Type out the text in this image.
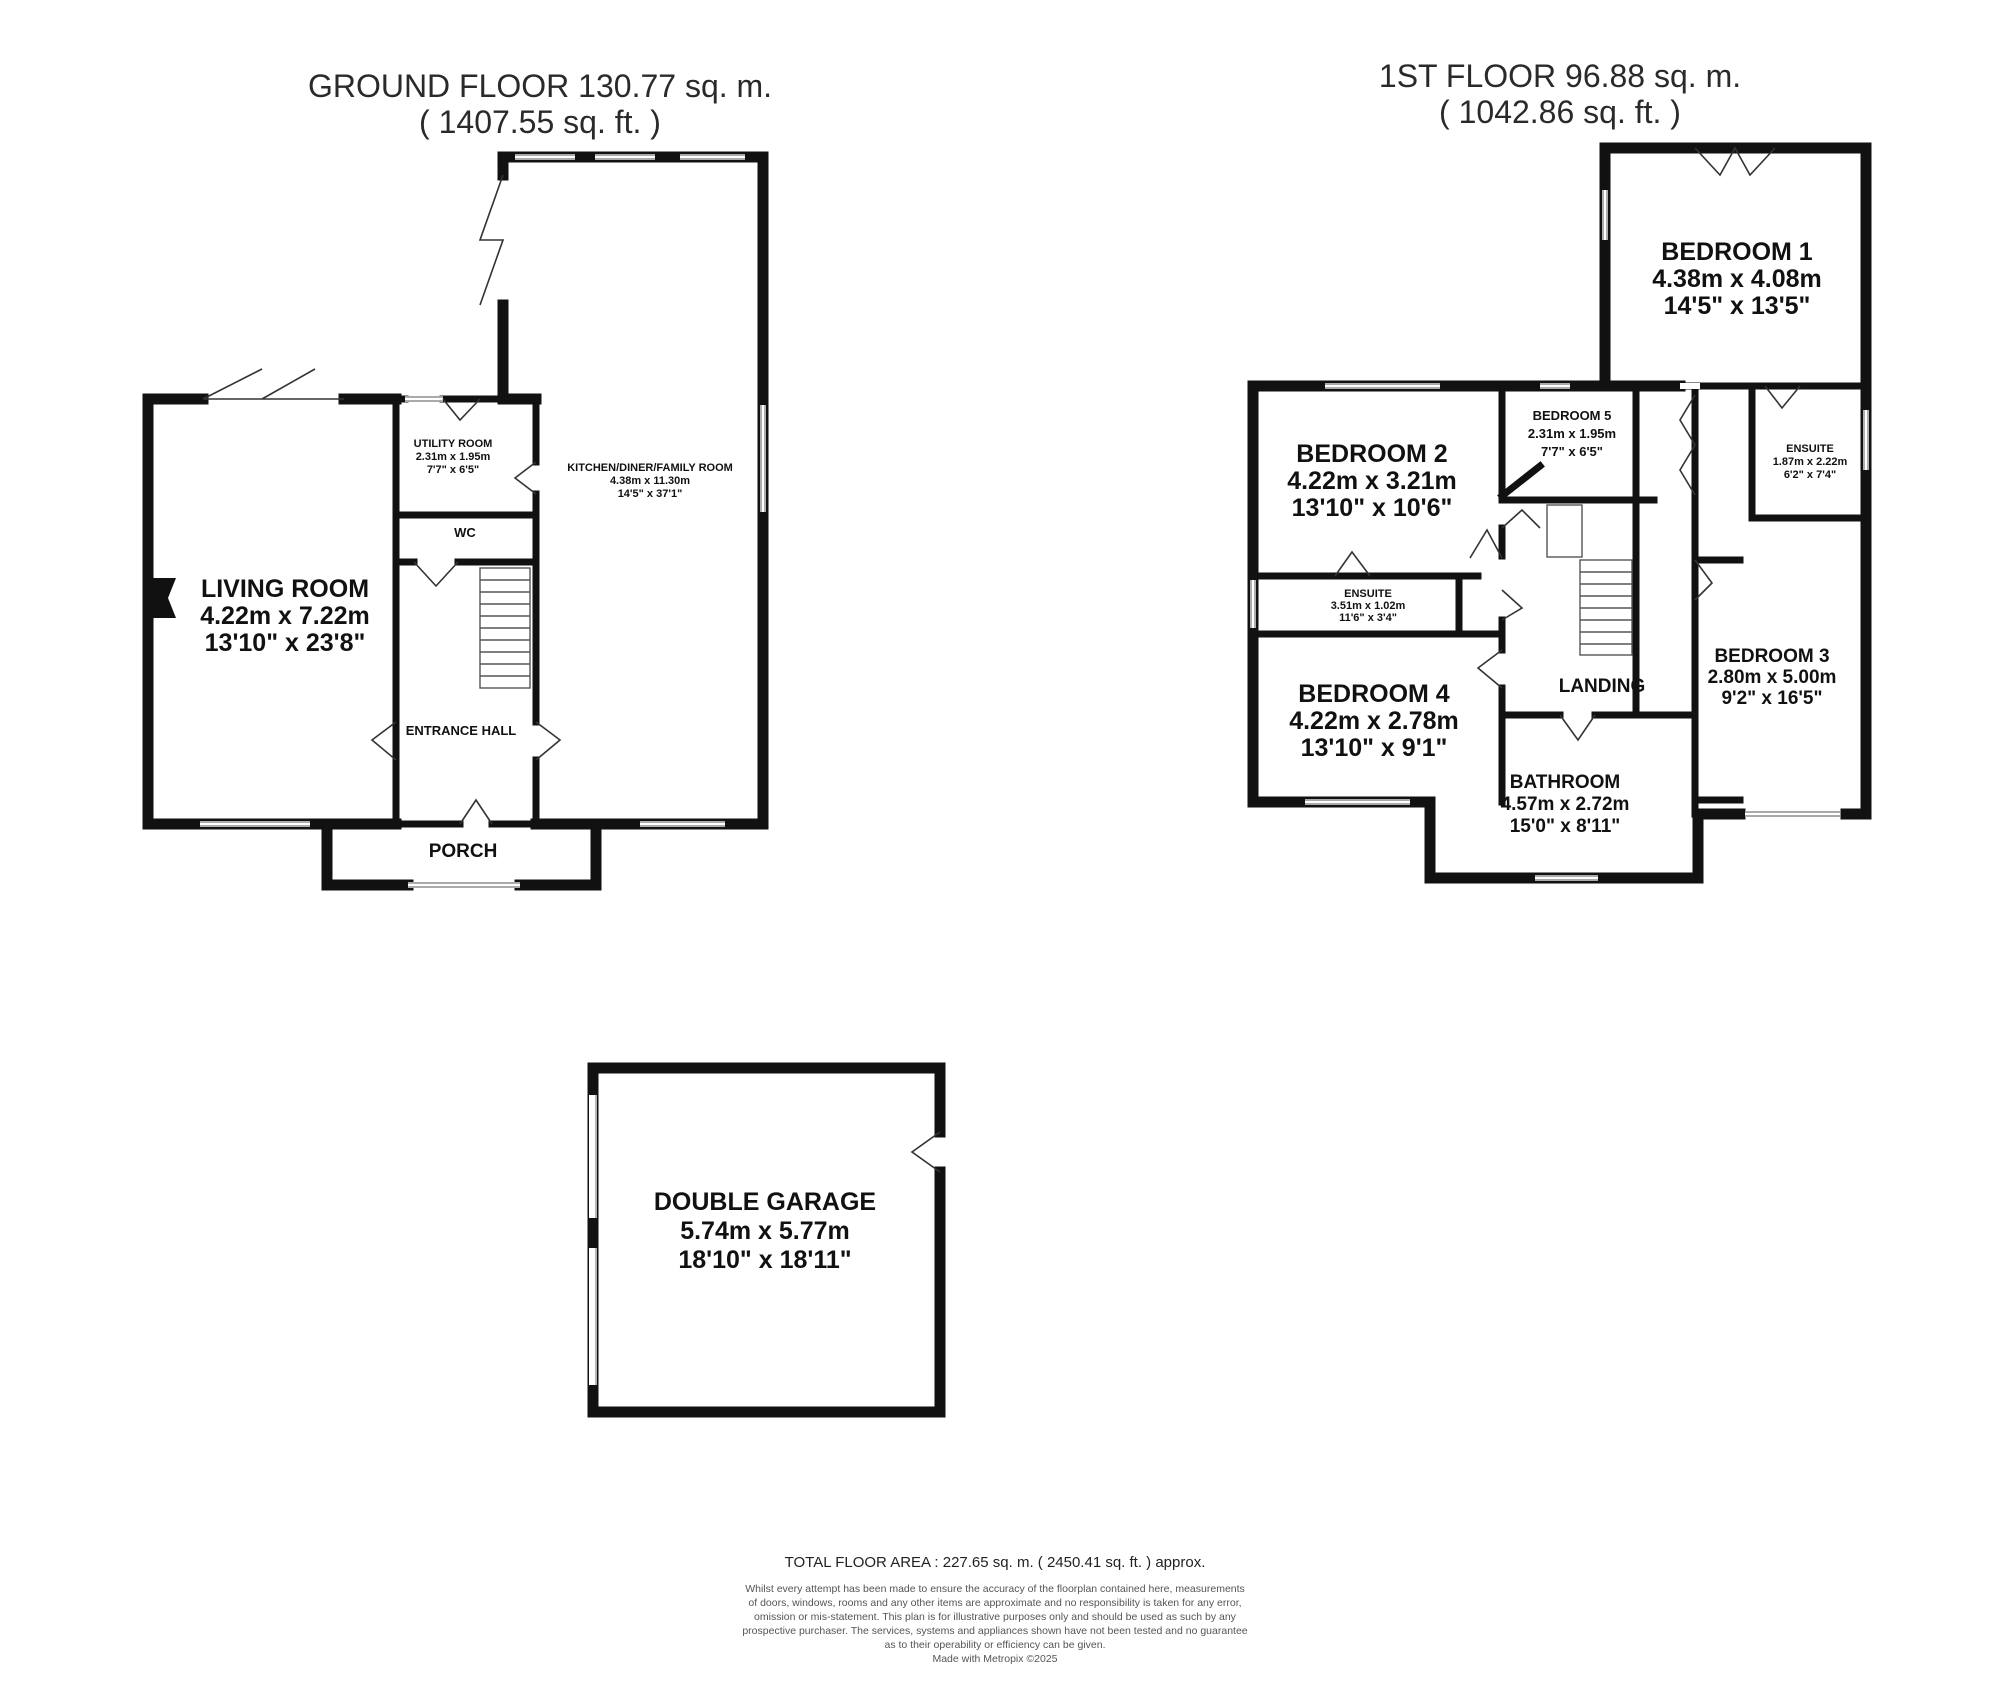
GROUND FLOOR 130.77 sq. m.
( 1407.55 sq. ft. )
LIVING ROOM
4.22m x 7.22m
13'10" x 23'8"
UTILITY ROOM
2.31m x 1.95m
7'7" x 6'5"
WC
KITCHEN/DINER/FAMILY ROOM
4.38m x 11.30m
14'5" x 37'1"
ENTRANCE HALL
PORCH
1ST FLOOR 96.88 sq. m.
( 1042.86 sq. ft. )
BEDROOM 1
4.38m x 4.08m
14'5" x 13'5"
BEDROOM 2
4.22m x 3.21m
13'10" x 10'6"
BEDROOM 5
2.31m x 1.95m
7'7" x 6'5"	ENSUITE
1.87m x 2.22m
6'2" x 7'4"
ENSUITE
3.51m x 1.02m
11'6" x 3'4"
BEDROOM 4
4.22m x 2.78m
13'10" x 9'1"
LANDING
BEDROOM 3
2.80m x 5.00m
9'2" x 16'5"
BATHROOM
4.57m x 2.72m
15'0" x 8'11"
DOUBLE GARAGE
5.74m x 5.77m
18'10" x 18'11"
TOTAL FLOOR AREA : 227.65 sq. m. ( 2450.41 sq. ft. ) approx.
Whilst every attempt has been made to ensure the accuracy of the floorplan contained here, measurements
of doors, windows, rooms and any other items are approximate and no responsibility is taken for any error,
omission or mis-statement. This plan is for illustrative purposes only and should be used as such by any
prospective purchaser. The services, systems and appliances shown have not been tested and no guarantee
as to their operability or efficiency can be given.
Made with Metropix ©2025
